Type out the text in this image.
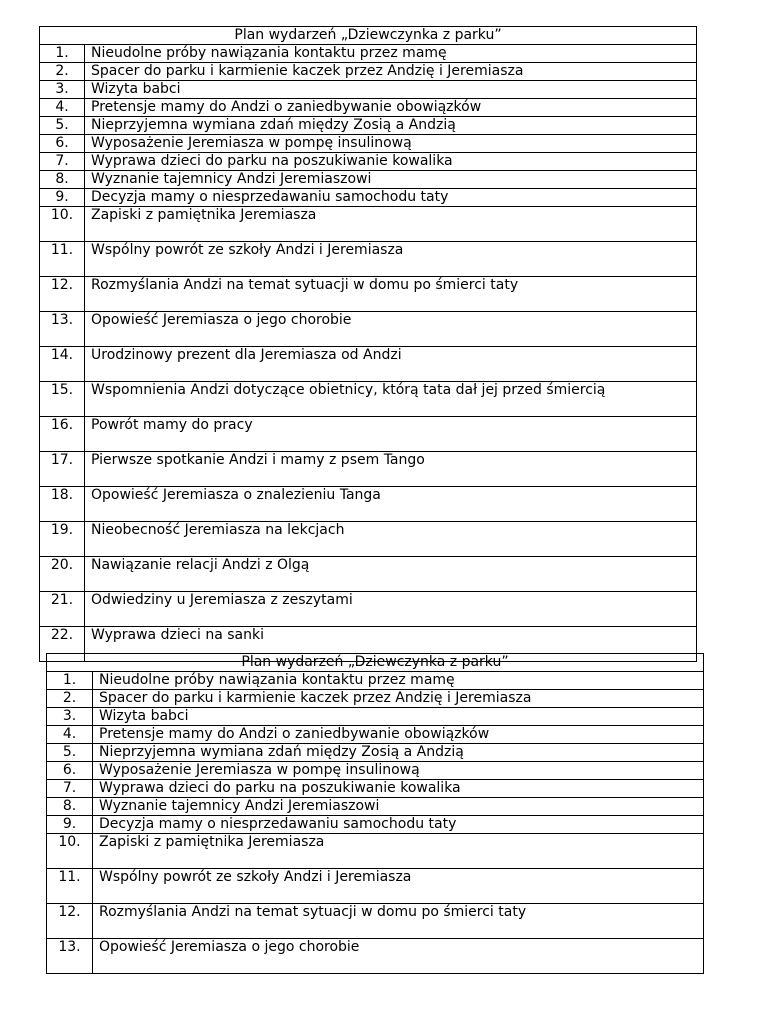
Plan wydarzeń „Dziewczynka z parku”	
1.	Nieudolne próby nawiązania kontaktu przez mamę
2.	Spacer do parku i karmienie kaczek przez Andzię i Jeremiasza
3.	Wizyta babci
4.	Pretensje mamy do Andzi o zaniedbywanie obowiązków
5.	Nieprzyjemna wymiana zdań między Zosią a Andzią
6.	Wyposażenie Jeremiasza w pompę insulinową
7.	Wyprawa dzieci do parku na poszukiwanie kowalika
8.	Wyznanie tajemnicy Andzi Jeremiaszowi
9.	Decyzja mamy o niesprzedawaniu samochodu taty
10.	Zapiski z pamiętnika Jeremiasza
11.	Wspólny powrót ze szkoły Andzi i Jeremiasza
12.	Rozmyślania Andzi na temat sytuacji w domu po śmierci taty
13.	Opowieść Jeremiasza o jego chorobie
14.	Urodzinowy prezent dla Jeremiasza od Andzi
15.	Wspomnienia Andzi dotyczące obietnicy, którą tata dał jej przed śmiercią
16.	Powrót mamy do pracy
17.	Pierwsze spotkanie Andzi i mamy z psem Tango
18.	Opowieść Jeremiasza o znalezieniu Tanga
19.	Nieobecność Jeremiasza na lekcjach
20.	Nawiązanie relacji Andzi z Olgą
21.	Odwiedziny u Jeremiasza z zeszytami
22.	Wyprawa dzieci na sanki
Plan wydarzeń „Dziewczynka z parku”	
1.	Nieudolne próby nawiązania kontaktu przez mamę
2.	Spacer do parku i karmienie kaczek przez Andzię i Jeremiasza
3.	Wizyta babci
4.	Pretensje mamy do Andzi o zaniedbywanie obowiązków
5.	Nieprzyjemna wymiana zdań między Zosią a Andzią
6.	Wyposażenie Jeremiasza w pompę insulinową
7.	Wyprawa dzieci do parku na poszukiwanie kowalika
8.	Wyznanie tajemnicy Andzi Jeremiaszowi
9.	Decyzja mamy o niesprzedawaniu samochodu taty
10.	Zapiski z pamiętnika Jeremiasza
11.	Wspólny powrót ze szkoły Andzi i Jeremiasza
12.	Rozmyślania Andzi na temat sytuacji w domu po śmierci taty
13.	Opowieść Jeremiasza o jego chorobie
